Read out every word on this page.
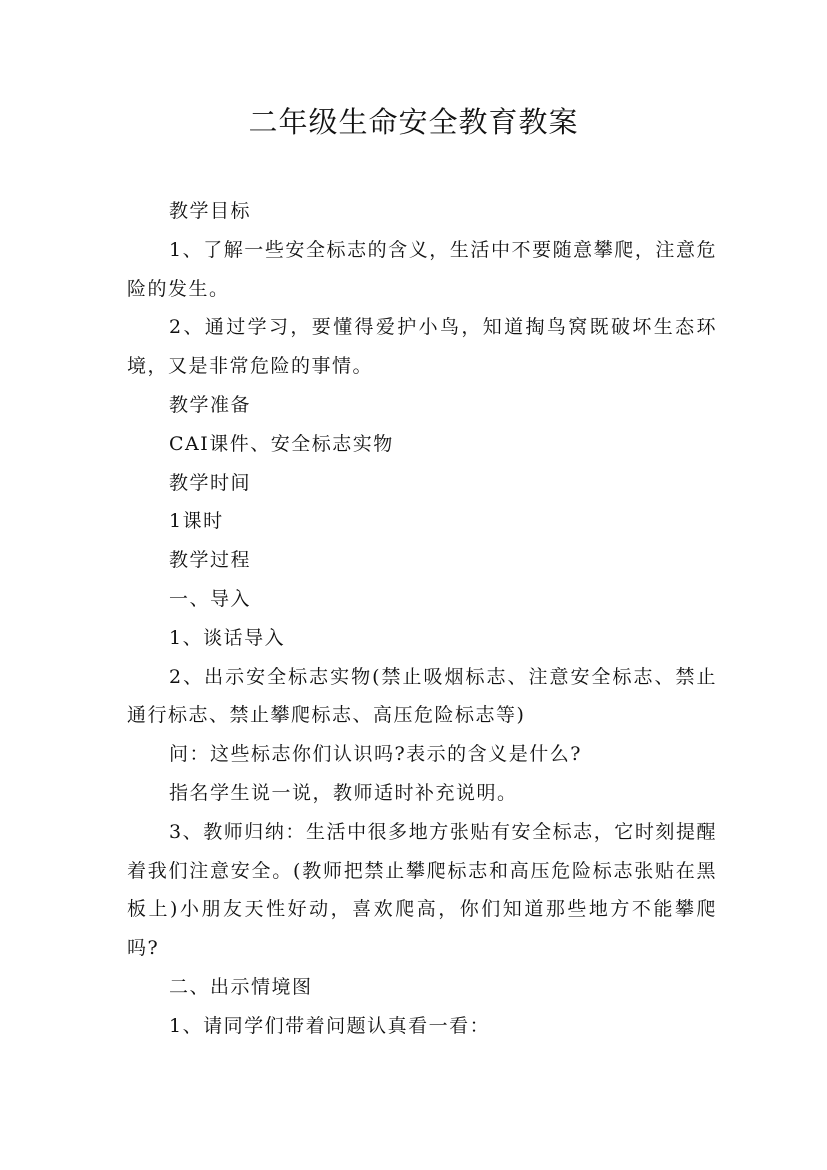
二年级生命安全教育教案

教学目标

1、了解一些安全标志的含义，生活中不要随意攀爬，注意危险的发生。

2、通过学习，要懂得爱护小鸟，知道掏鸟窝既破坏生态环境，又是非常危险的事情。

教学准备

CAI课件、安全标志实物

教学时间

1课时

教学过程

一、导入

1、谈话导入

2、出示安全标志实物(禁止吸烟标志、注意安全标志、禁止通行标志、禁止攀爬标志、高压危险标志等)

问：这些标志你们认识吗?表示的含义是什么?

指名学生说一说，教师适时补充说明。

3、教师归纳：生活中很多地方张贴有安全标志，它时刻提醒着我们注意安全。(教师把禁止攀爬标志和高压危险标志张贴在黑板上)小朋友天性好动，喜欢爬高，你们知道那些地方不能攀爬吗?

二、出示情境图

1、请同学们带着问题认真看一看：
